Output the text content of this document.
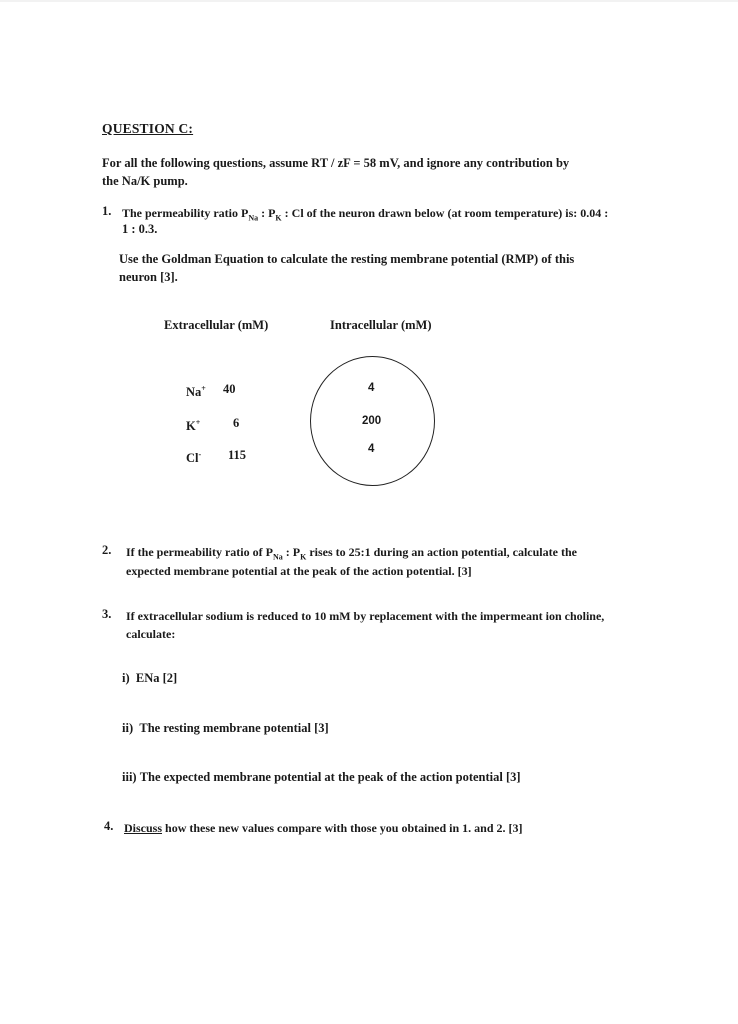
QUESTION C:
For all the following questions, assume RT / zF = 58 mV, and ignore any contribution by
the Na/K pump.
1. The permeability ratio $P_{Na}$ : $P_K$ : Cl of the neuron drawn below (at room temperature) is: 0.04 :
1 : 0.3.
Use the Goldman Equation to calculate the resting membrane potential (RMP) of this
neuron [3].
Extracellular (mM)	Intracellular (mM)
Na+ 40	4
K+	6	200
Cl- 115	4
2. If the permeability ratio of $P_{Na}$ : $P_K$ rises to 25:1 during an action potential, calculate the
expected membrane potential at the peak of the action potential. [3]
3. If extracellular sodium is reduced to 10 mM by replacement with the impermeant ion choline,
calculate:
i) ENa [2]
ii) The resting membrane potential [3]
iii) The expected membrane potential at the peak of the action potential [3]
4. Discuss how these new values compare with those you obtained in 1. and 2. [3]
